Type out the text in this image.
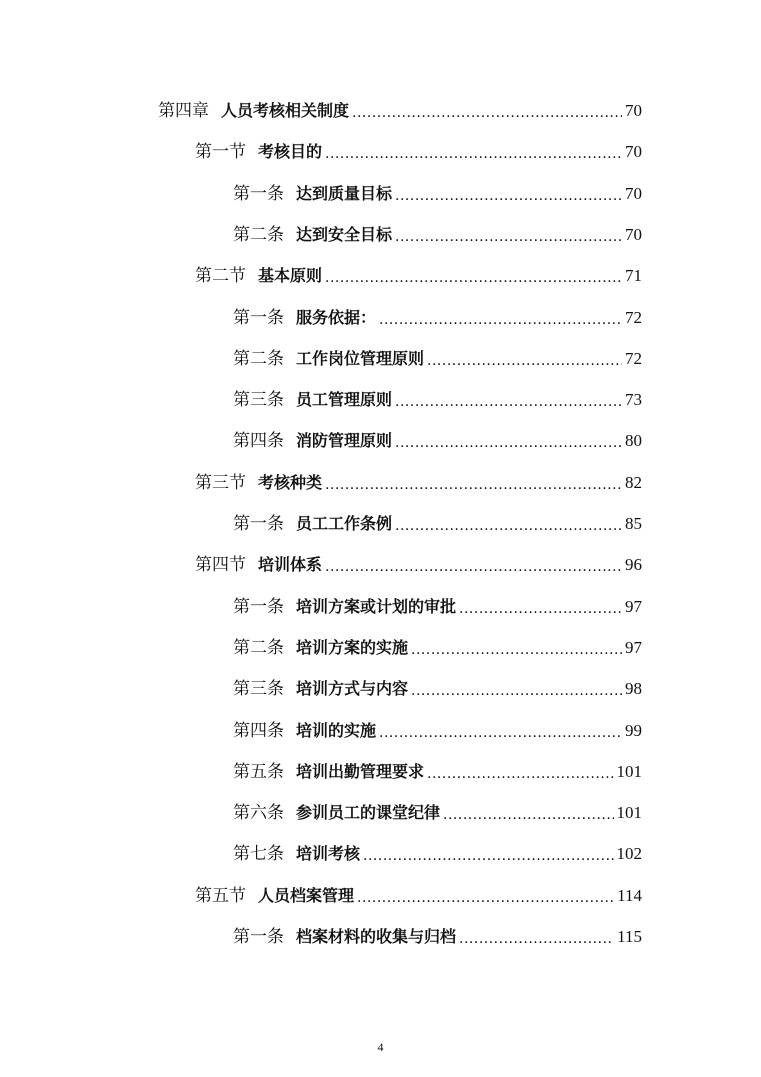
第四章 人员考核相关制度 .....	70
第一节 考核目的 .....	70
第一条 达到质量目标 .....	70
第二条 达到安全目标 .....	70
第二节 基本原则 .....	71
第一条 服务依据： .....	72
第二条 工作岗位管理原则 .....	72
第三条 员工管理原则 .....	73
第四条 消防管理原则 .....	80
第三节 考核种类 .....	82
第一条 员工工作条例 .....	85
第四节 培训体系 .....	96
第一条 培训方案或计划的审批 .....	97
第二条 培训方案的实施 .....	97
第三条 培训方式与内容 .....	98
第四条 培训的实施 .....	99
第五条 培训出勤管理要求 .....	101
第六条 参训员工的课堂纪律 .....	101
第七条 培训考核 .....	102
第五节 人员档案管理 .....	114
第一条 档案材料的收集与归档 .....	115
4
